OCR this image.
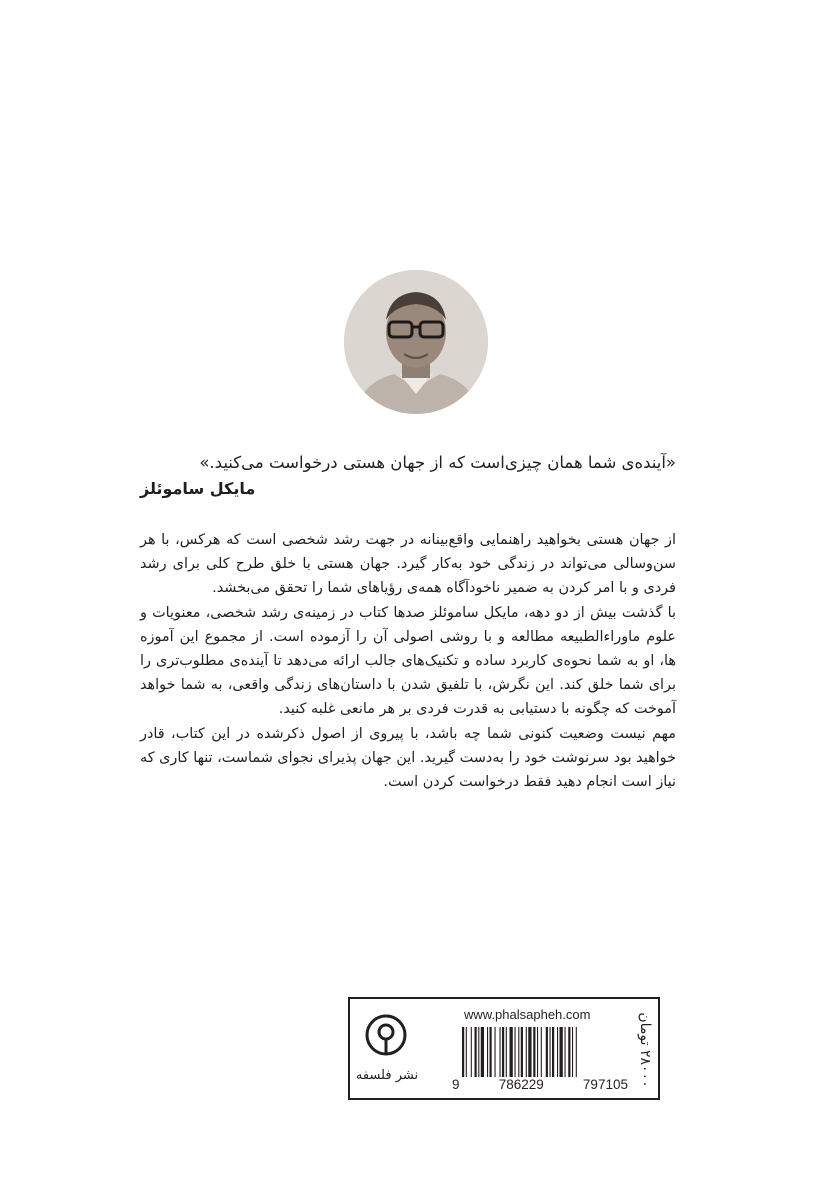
«آینده‌ی شما همان چیزی‌است که از جهان هستی درخواست می‌کنید.»
مایکل ساموئلز

از جهان هستی بخواهید راهنمایی واقع‌بینانه در جهت رشد شخصی است که هرکس، با هر سن‌وسالی می‌تواند در زندگی خود به‌کار گیرد. جهان هستی با خلق طرح کلی برای رشد فردی و با امر کردن به ضمیر ناخودآگاه همه‌ی رؤیاهای شما را تحقق می‌بخشد.

با گذشت بیش از دو دهه، مایکل ساموئلز صدها کتاب در زمینه‌ی رشد شخصی، معنویات و علوم ماوراءالطبیعه مطالعه و با روشی اصولی آن را آزموده است. از مجموع این آموزه ها، او به شما نحوه‌ی کاربرد ساده و تکنیک‌های جالب ارائه می‌دهد تا آینده‌ی مطلوب‌تری را برای شما خلق کند. این نگرش، با تلفیق شدن با داستان‌های زندگی واقعی، به شما خواهد آموخت که چگونه با دستیابی به قدرت فردی بر هر مانعی غلبه کنید.

مهم نیست وضعیت کنونی شما چه باشد، با پیروی از اصول ذکرشده در این کتاب، قادر خواهید بود سرنوشت خود را به‌دست گیرید. این جهان پذیرای نجوای شماست، تنها کاری که نیاز است انجام دهید فقط درخواست کردن است.

نشر فلسفه
www.phalsapheh.com
9	786229	797105
۲۸۰۰۰ تومان
